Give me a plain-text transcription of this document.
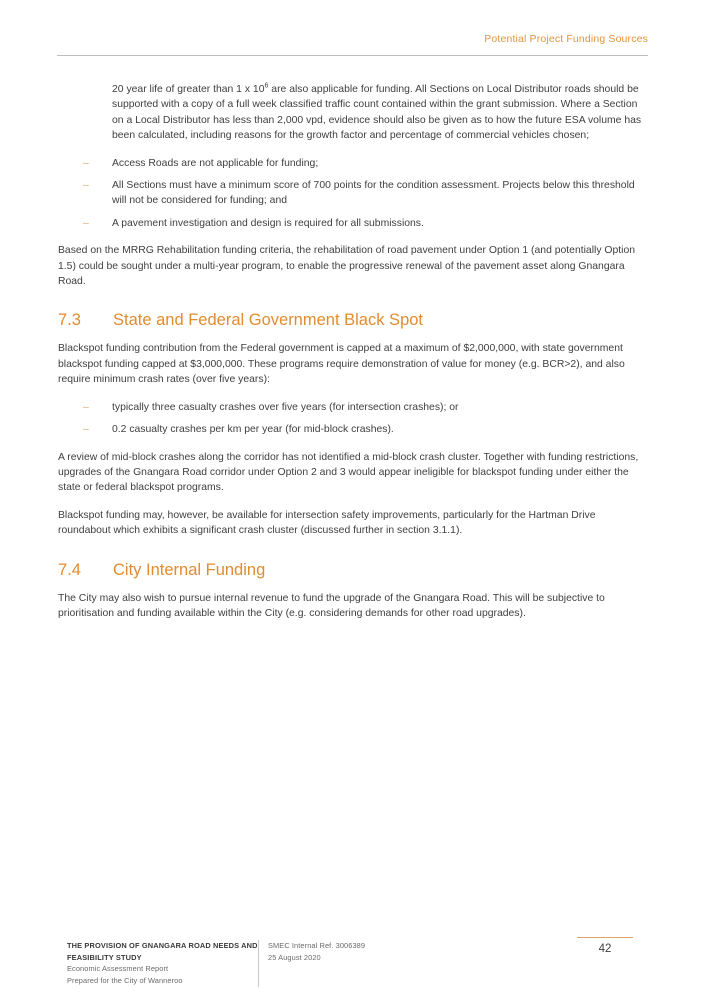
Potential Project Funding Sources

20 year life of greater than 1 x $10^6$ are also applicable for funding. All Sections on Local Distributor roads should be supported with a copy of a full week classified traffic count contained within the grant submission. Where a Section on a Local Distributor has less than 2,000 vpd, evidence should also be given as to how the future ESA volume has been calculated, including reasons for the growth factor and percentage of commercial vehicles chosen;

– Access Roads are not applicable for funding;
– All Sections must have a minimum score of 700 points for the condition assessment. Projects below this threshold will not be considered for funding; and
– A pavement investigation and design is required for all submissions.

Based on the MRRG Rehabilitation funding criteria, the rehabilitation of road pavement under Option 1 (and potentially Option 1.5) could be sought under a multi-year program, to enable the progressive renewal of the pavement asset along Gnangara Road.

7.3	State and Federal Government Black Spot

Blackspot funding contribution from the Federal government is capped at a maximum of $2,000,000, with state government blackspot funding capped at $3,000,000. These programs require demonstration of value for money (e.g. BCR>2), and also require minimum crash rates (over five years):

– typically three casualty crashes over five years (for intersection crashes); or
– 0.2 casualty crashes per km per year (for mid-block crashes).

A review of mid-block crashes along the corridor has not identified a mid-block crash cluster. Together with funding restrictions, upgrades of the Gnangara Road corridor under Option 2 and 3 would appear ineligible for blackspot funding under either the state or federal blackspot programs.

Blackspot funding may, however, be available for intersection safety improvements, particularly for the Hartman Drive roundabout which exhibits a significant crash cluster (discussed further in section 3.1.1).

7.4	City Internal Funding

The City may also wish to pursue internal revenue to fund the upgrade of the Gnangara Road. This will be subjective to prioritisation and funding available within the City (e.g. considering demands for other road upgrades).

THE PROVISION OF GNANGARA ROAD NEEDS AND
FEASIBILITY STUDY
Economic Assessment Report
Prepared for the City of Wanneroo
SMEC Internal Ref. 3006389
25 August 2020
42
